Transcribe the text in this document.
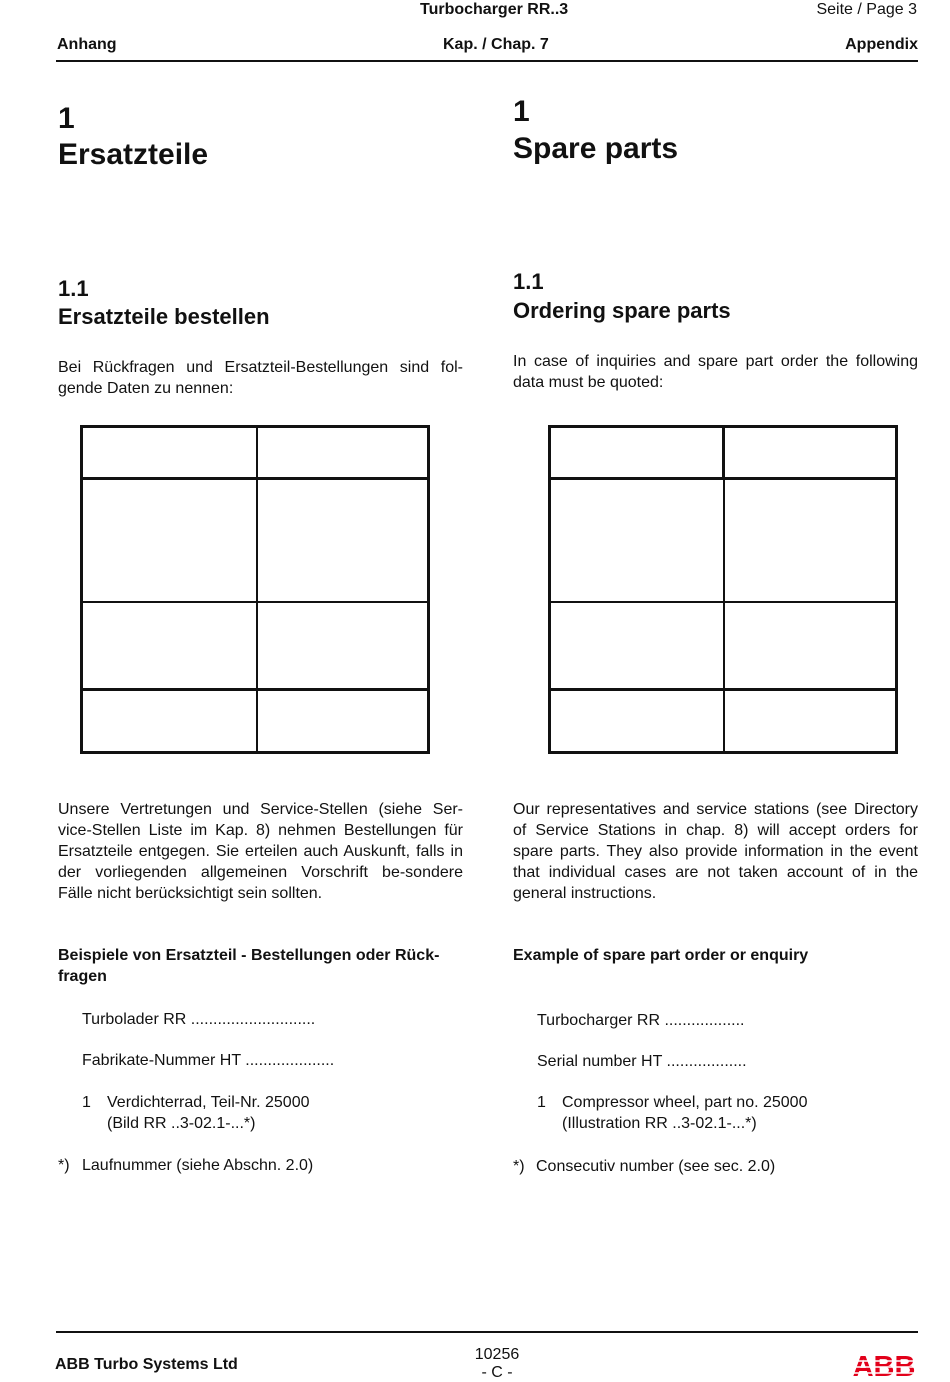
Turbocharger RR..3	Seite / Page 3
Anhang	Kap. / Chap. 7	Appendix
1
Ersatzteile
1.1
Ersatzteile bestellen
Bei Rückfragen und Ersatzteil-Bestellungen sind fol-gende Daten zu nennen:
Unsere Vertretungen und Service-Stellen (siehe Ser-vice-Stellen Liste im Kap. 8) nehmen Bestellungen für Ersatzteile entgegen. Sie erteilen auch Auskunft, falls in der vorliegenden allgemeinen Vorschrift be-sondere Fälle nicht berücksichtigt sein sollten.
Beispiele von Ersatzteil - Bestellungen oder Rück-fragen
Turbolader RR ............................
Fabrikate-Nummer HT ....................
1 Verdichterrad, Teil-Nr. 25000
(Bild RR ..3-02.1-...*)
*) Laufnummer (siehe Abschn. 2.0)
1
Spare parts
1.1
Ordering spare parts
In case of inquiries and spare part order the following data must be quoted:
Our representatives and service stations (see Directory of Service Stations in chap. 8) will accept orders for spare parts. They also provide information in the event that individual cases are not taken account of in the general instructions.
Example of spare part order or enquiry
Turbocharger RR ..................
Serial number HT ..................
1 Compressor wheel, part no. 25000
(Illustration RR ..3-02.1-...*)
*) Consecutiv number (see sec. 2.0)
ABB Turbo Systems Ltd
10256
- C -	ABB
